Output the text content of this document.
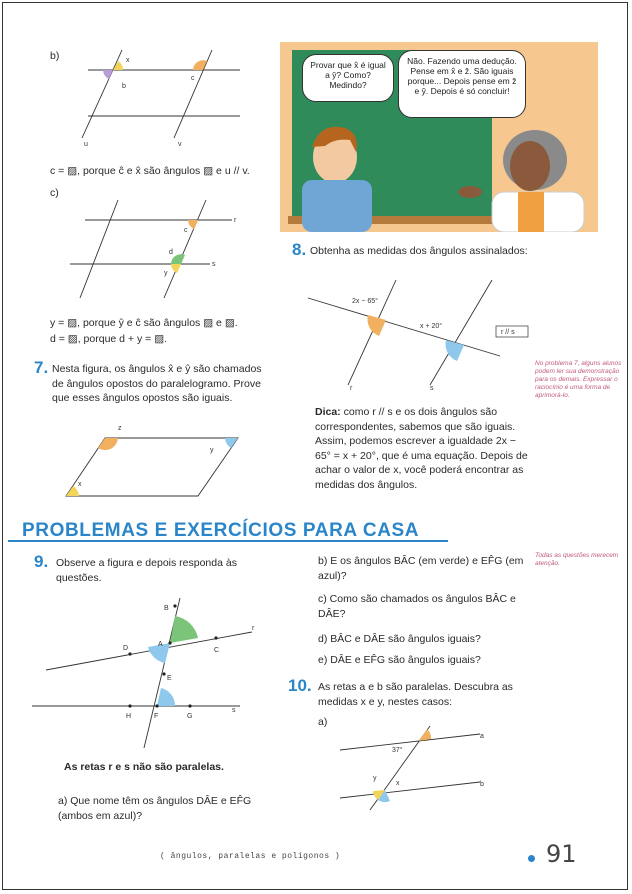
b)	x
b
c
u	v
c = ▨, porque ĉ e x̂ são ângulos ▨ e u // v.
c)
r
s
c
d
y
y = ▨, porque ŷ e ĉ são ângulos ▨ e ▨.
d = ▨, porque d + y = ▨.
7. Nesta figura, os ângulos x̂ e ŷ são chamados de ângulos opostos do paralelogramo. Prove que esses ângulos opostos são iguais.
z
y
x
Provar que x̂ é igual a ŷ? Como? Medindo?
Não. Fazendo uma dedução. Pense em x̂ e ẑ. São iguais porque... Depois pense em ẑ e ŷ. Depois é só concluir!
8. Obtenha as medidas dos ângulos assinalados:
2x − 65°
x + 20°
r // s
r	s
Dica: como r // s e os dois ângulos são correspondentes, sabemos que são iguais. Assim, podemos escrever a igualdade 2x − 65° = x + 20°, que é uma equação. Depois de achar o valor de x, você poderá encontrar as medidas dos ângulos.
No problema 7, alguns alunos podem ler sua demonstração para os demais. Expressar o raciocínio é uma forma de aprimorá-lo.
PROBLEMAS E EXERCÍCIOS PARA CASA
Todas as questões merecem atenção.
9. Observe a figura e depois responda às questões.
B
A
D	C
E
H	F	G
r
s
As retas r e s não são paralelas.
a) Que nome têm os ângulos DÂE e EF̂G (ambos em azul)?
b) E os ângulos BÂC (em verde) e EF̂G (em azul)?
c) Como são chamados os ângulos BÂC e DÂE?
d) BÂC e DÂE são ângulos iguais?
e) DÂE e EF̂G são ângulos iguais?
10. As retas a e b são paralelas. Descubra as medidas x e y, nestes casos:
a)
37°
y
x
a
b
( ângulos, paralelas e polígonos )	91
